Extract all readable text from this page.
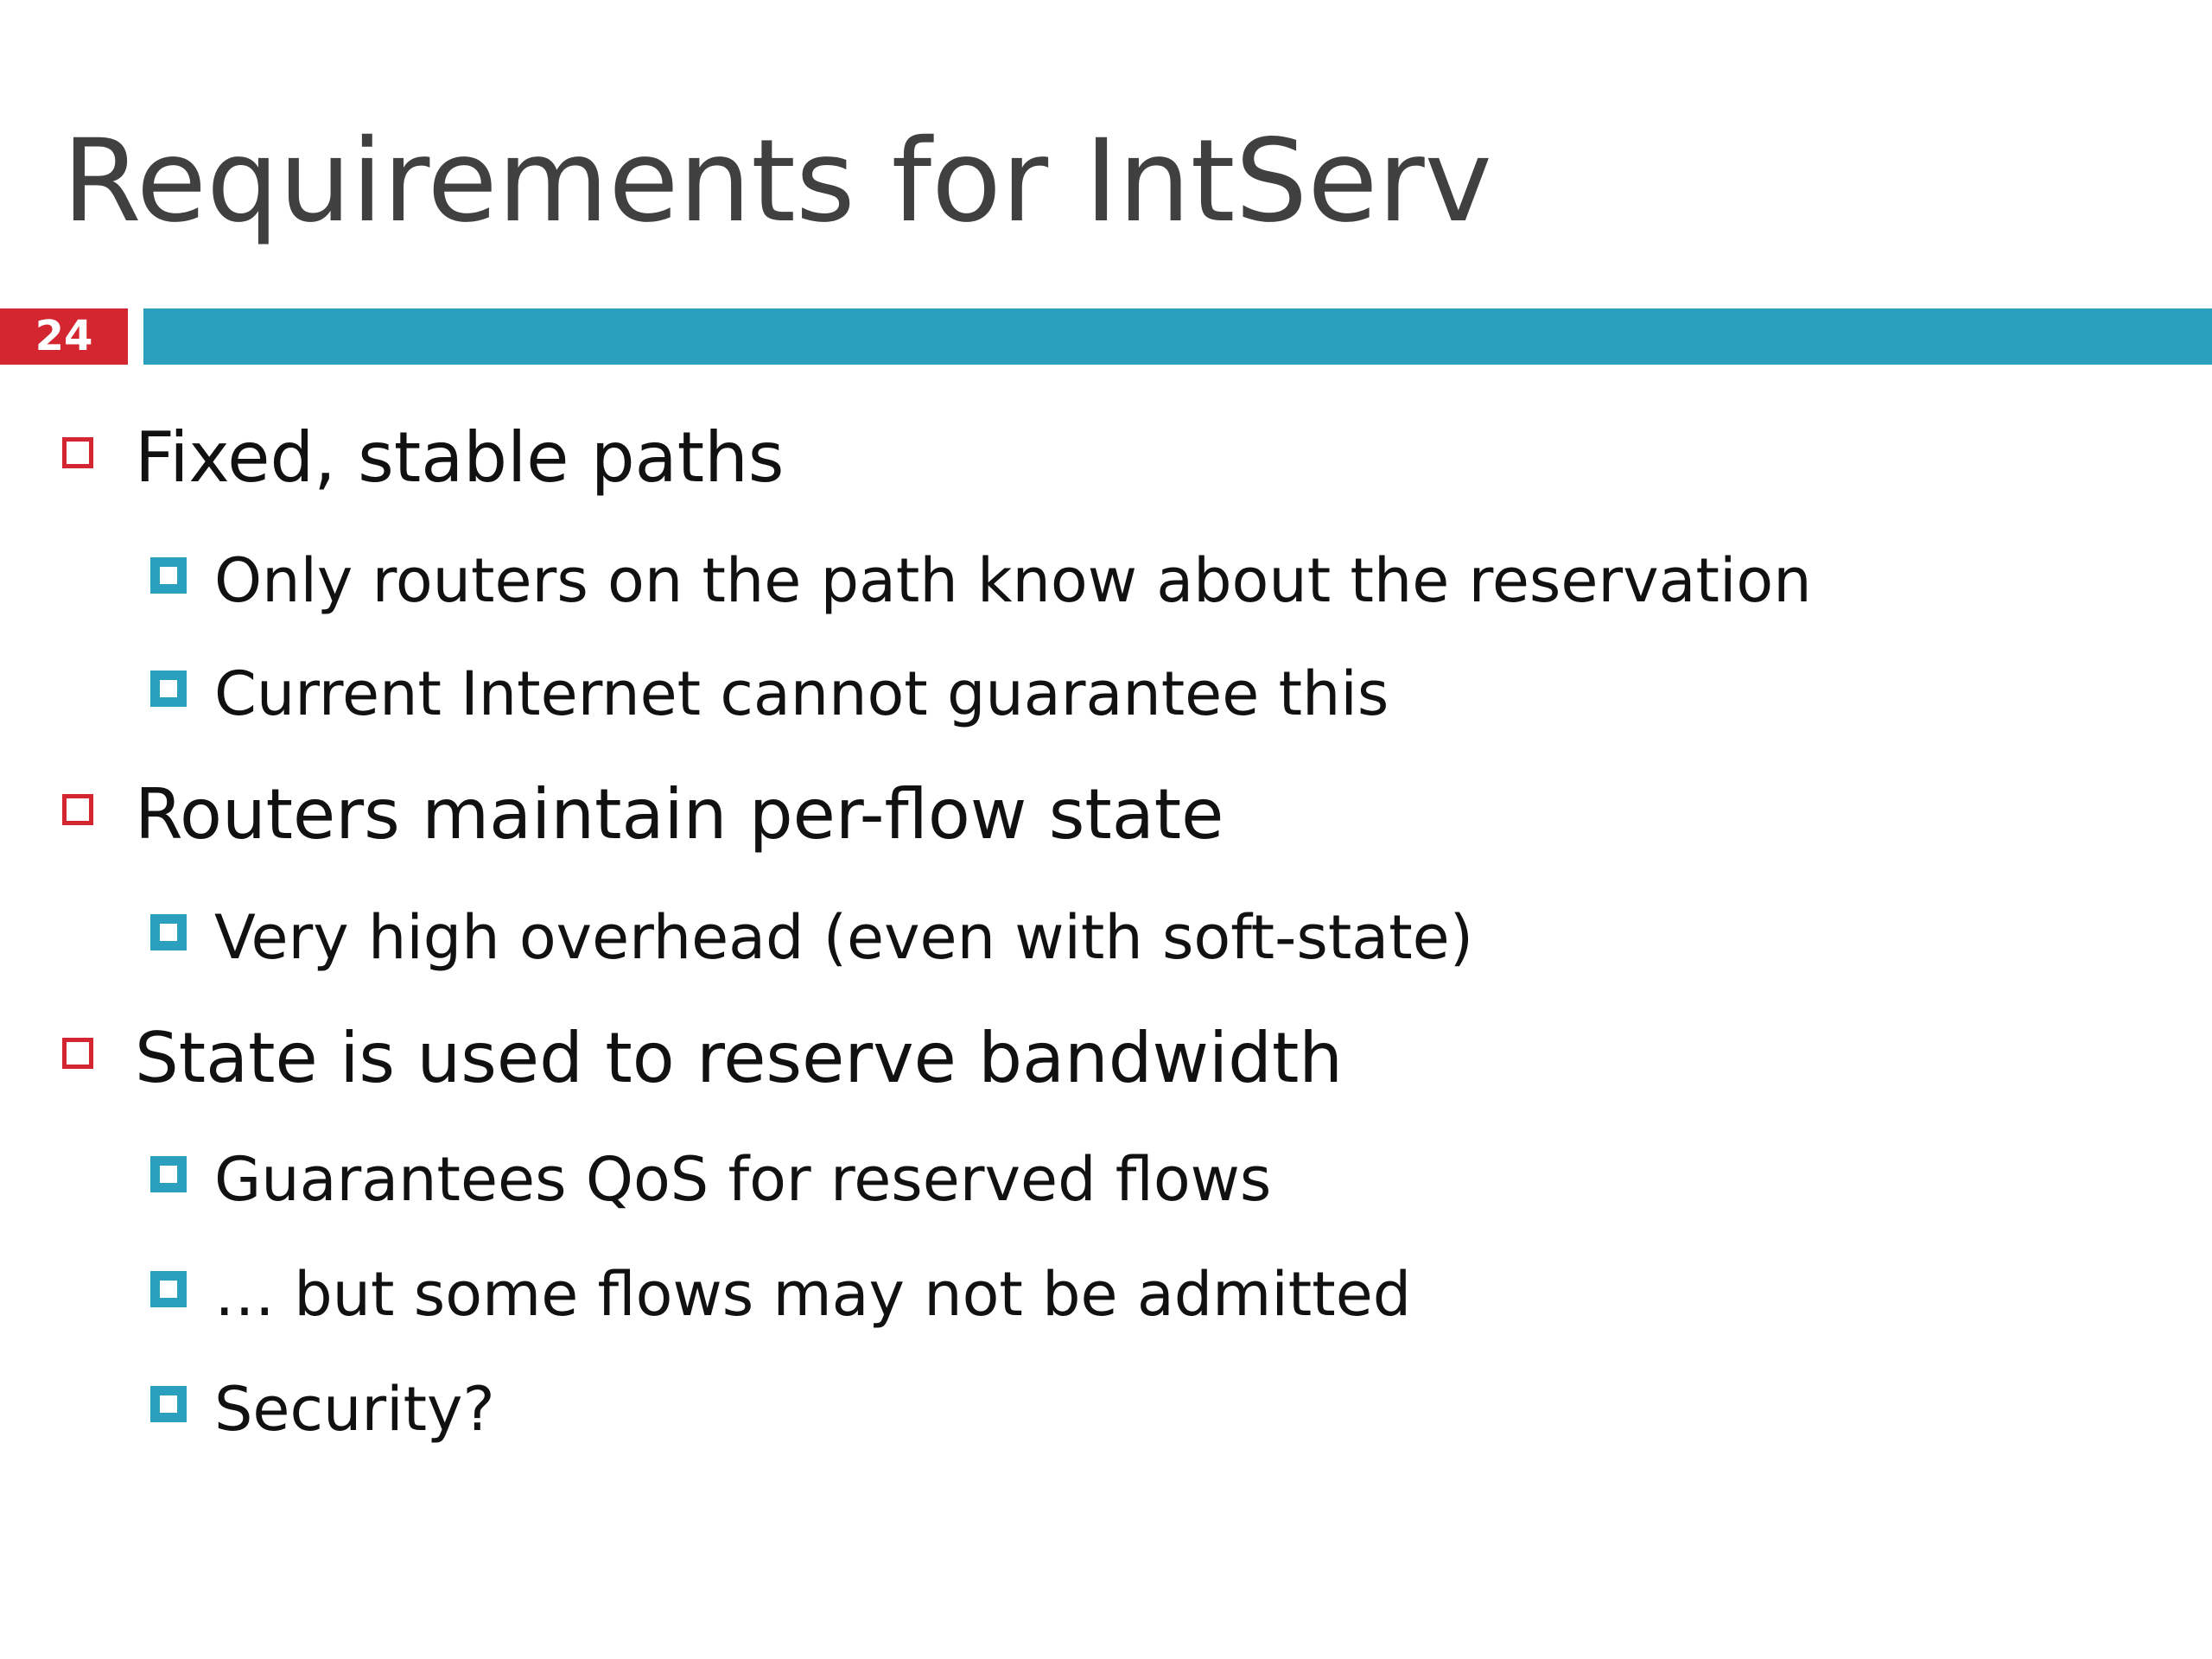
Requirements for IntServ
24
Fixed, stable paths
Only routers on the path know about the reservation
Current Internet cannot guarantee this
Routers maintain per-flow state
Very high overhead (even with soft-state)
State is used to reserve bandwidth
Guarantees QoS for reserved flows
… but some flows may not be admitted
Security?
